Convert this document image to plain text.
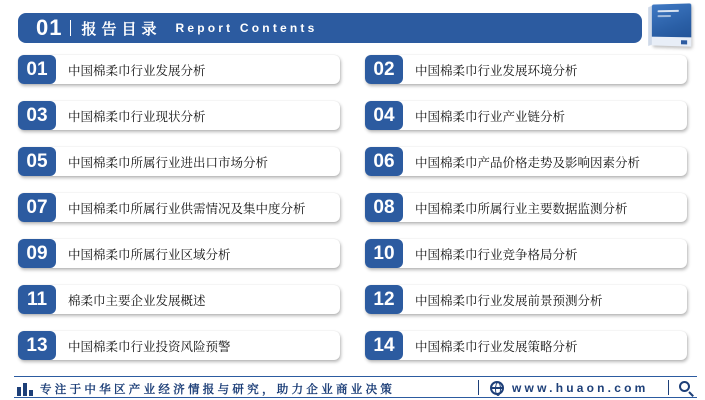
01 报告目录 Report Contents
01	中国棉柔巾行业发展分析	02	中国棉柔巾行业发展环境分析
03	中国棉柔巾行业现状分析	04	中国棉柔巾行业产业链分析
05	中国棉柔巾所属行业进出口市场分析	06	中国棉柔巾产品价格走势及影响因素分析
07	中国棉柔巾所属行业供需情况及集中度分析	08	中国棉柔巾所属行业主要数据监测分析
09	中国棉柔巾所属行业区域分析	10	中国棉柔巾行业竞争格局分析
11	棉柔巾主要企业发展概述	12	中国棉柔巾行业发展前景预测分析
13	中国棉柔巾行业投资风险预警	14	中国棉柔巾行业发展策略分析
专注于中华区产业经济情报与研究，助力企业商业决策	www.huaon.com
